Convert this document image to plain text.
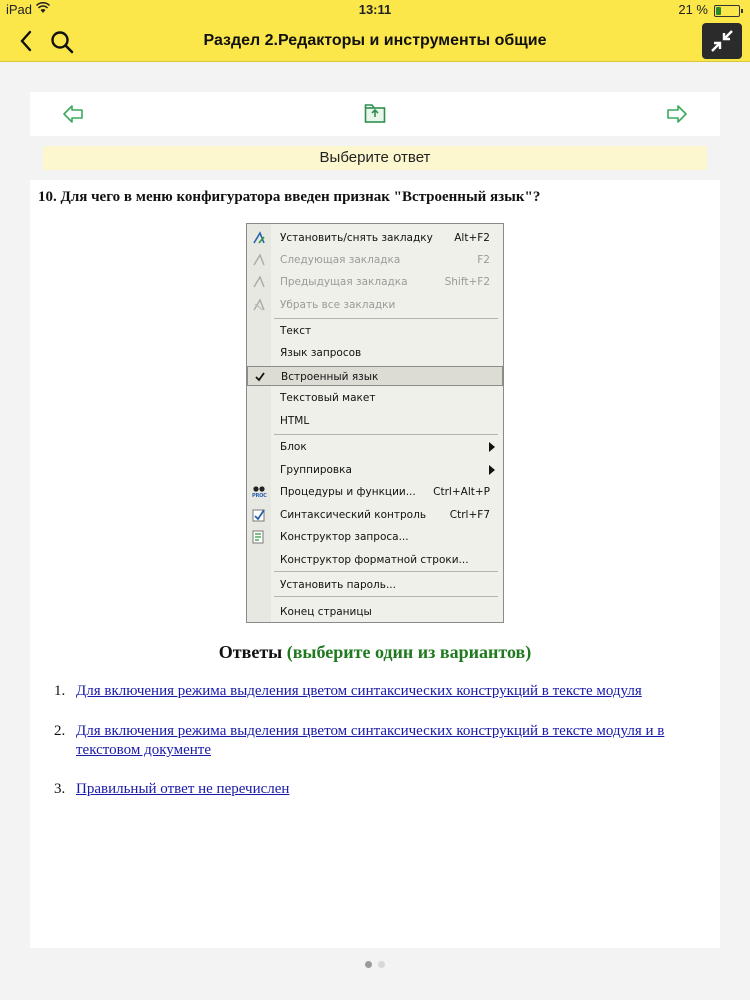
iPad	13:11	21 %
Раздел 2.Редакторы и инструменты общие
Выберите ответ
10. Для чего в меню конфигуратора введен признак "Встроенный язык"?
Установить/снять закладку Alt+F2
Следующая закладка	F2
Предыдущая закладка	Shift+F2
Убрать все закладки
Текст
Язык запросов
Встроенный язык
Текстовый макет
HTML
Блок
Группировка
PROC Процедуры и функции... Ctrl+Alt+P
Синтаксический контроль Ctrl+F7
Конструктор запроса...
Конструктор форматной строки...
Установить пароль...
Конец страницы
Ответы (выберите один из вариантов)
1. Для включения режима выделения цветом синтаксических конструкций в тексте модуля
2. Для включения режима выделения цветом синтаксических конструкций в тексте модуля и в текстовом документе
3. Правильный ответ не перечислен
